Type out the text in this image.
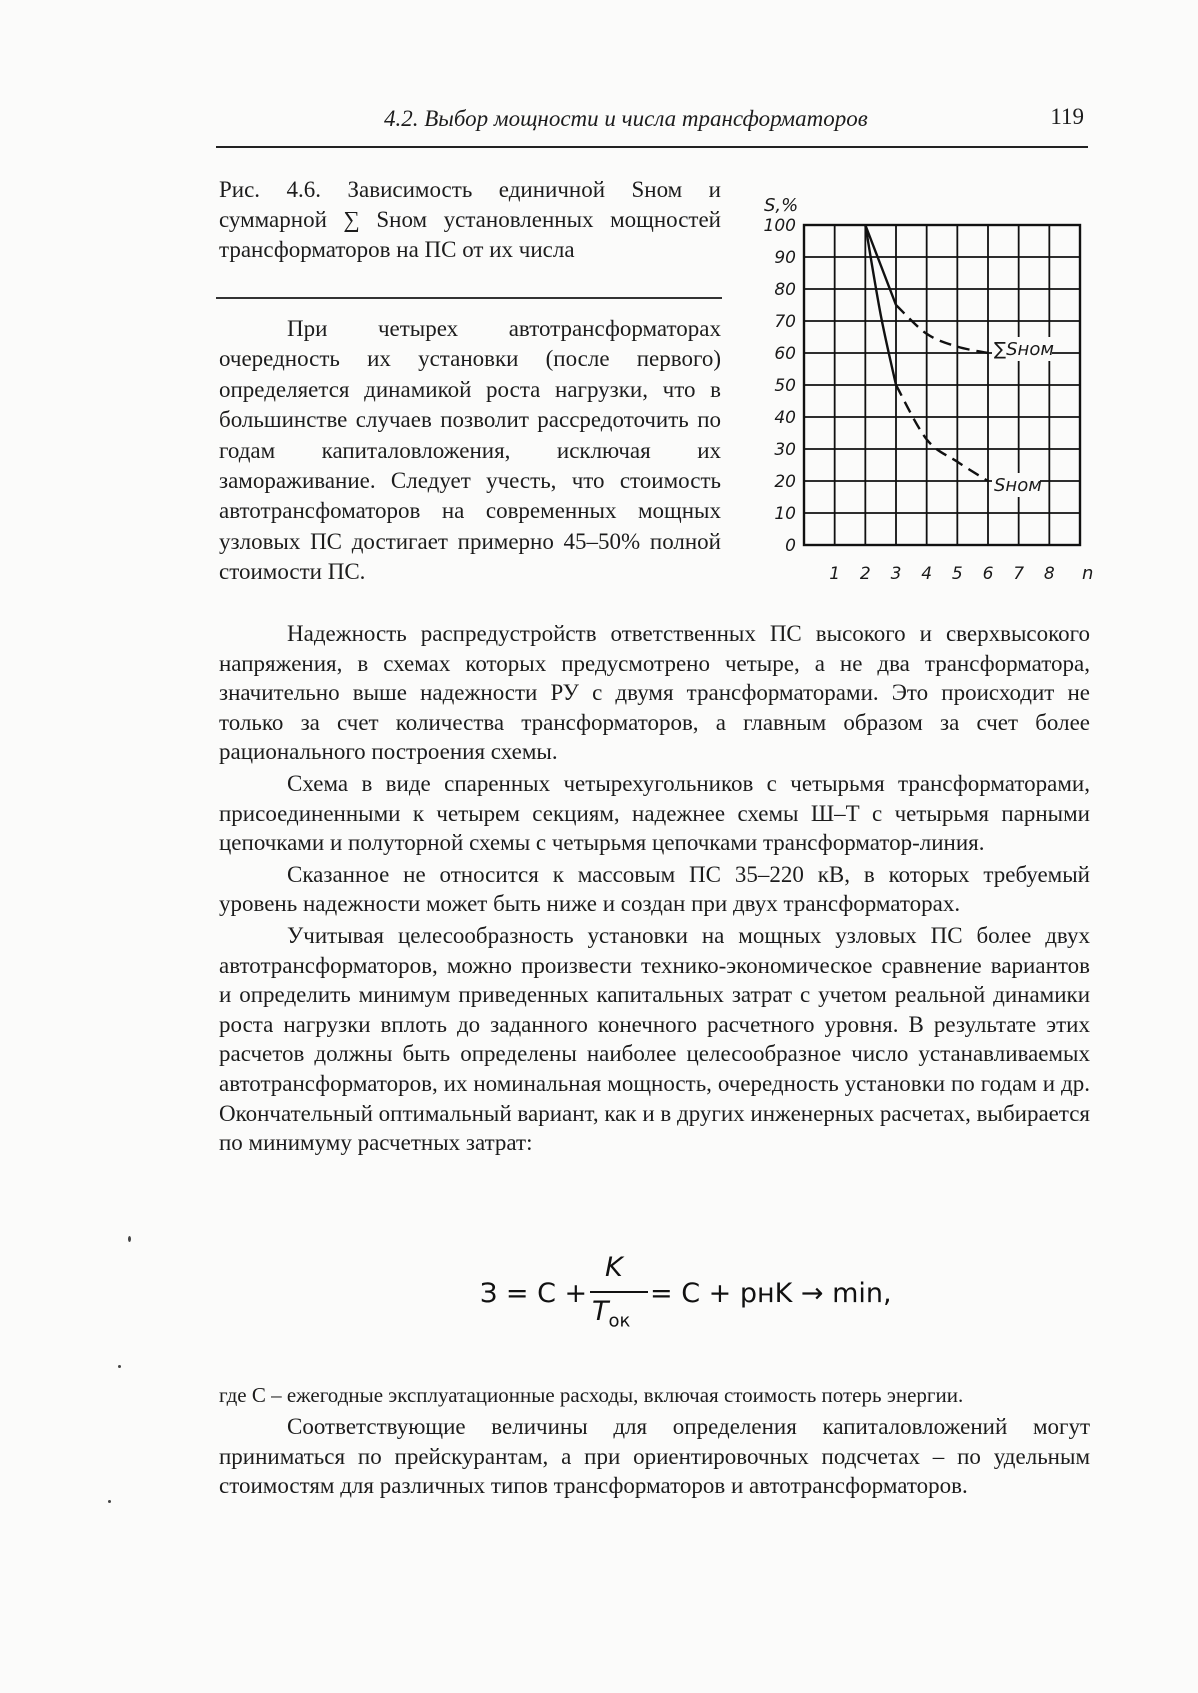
4.2. Выбор мощности и числа трансформаторов	119
Рис. 4.6. Зависимость единичной Sном и суммарной ∑ Sном установленных мощностей трансформаторов на ПС от их числа
При четырех автотрансформаторах очередность их установки (после первого) определяется динамикой роста нагрузки, что в большинстве случаев позволит рассредоточить по годам капиталовложения, исключая их замораживание. Следует учесть, что стоимость автотрансфоматоров на современных мощных узловых ПС достигает примерно 45–50% полной стоимости ПС.
0
10
20
30
40
50
60
70
80
90
100
1 2 3 4 5 6 7 8
S,%
n
∑Sном
Sном

Надежность распредустройств ответственных ПС высокого и сверхвысокого напряжения, в схемах которых предусмотрено четыре, а не два трансформатора, значительно выше надежности РУ с двумя трансформаторами. Это происходит не только за счет количества трансформаторов, а главным образом за счет более рационального построения схемы.

Схема в виде спаренных четырехугольников с четырьмя трансформаторами, присоединенными к четырем секциям, надежнее схемы Ш–Т с четырьмя парными цепочками и полуторной схемы с четырьмя цепочками трансформатор-линия.

Сказанное не относится к массовым ПС 35–220 кВ, в которых требуемый уровень надежности может быть ниже и создан при двух трансформаторах.

Учитывая целесообразность установки на мощных узловых ПС более двух автотрансформаторов, можно произвести технико-экономическое сравнение вариантов и определить минимум приведенных капитальных затрат с учетом реальной динамики роста нагрузки вплоть до заданного конечного расчетного уровня. В результате этих расчетов должны быть определены наиболее целесообразное число устанавливаемых автотрансформаторов, их номинальная мощность, очередность установки по годам и др. Окончательный оптимальный вариант, как и в других инженерных расчетах, выбирается по минимуму расчетных затрат:

З = С +
K
$T_{ок}$
= С + pнK → min,
где С – ежегодные эксплуатационные расходы, включая стоимость потерь энергии.

Соответствующие величины для определения капиталовложений могут приниматься по прейскурантам, а при ориентировочных подсчетах – по удельным стоимостям для различных типов трансформаторов и автотрансформаторов.
